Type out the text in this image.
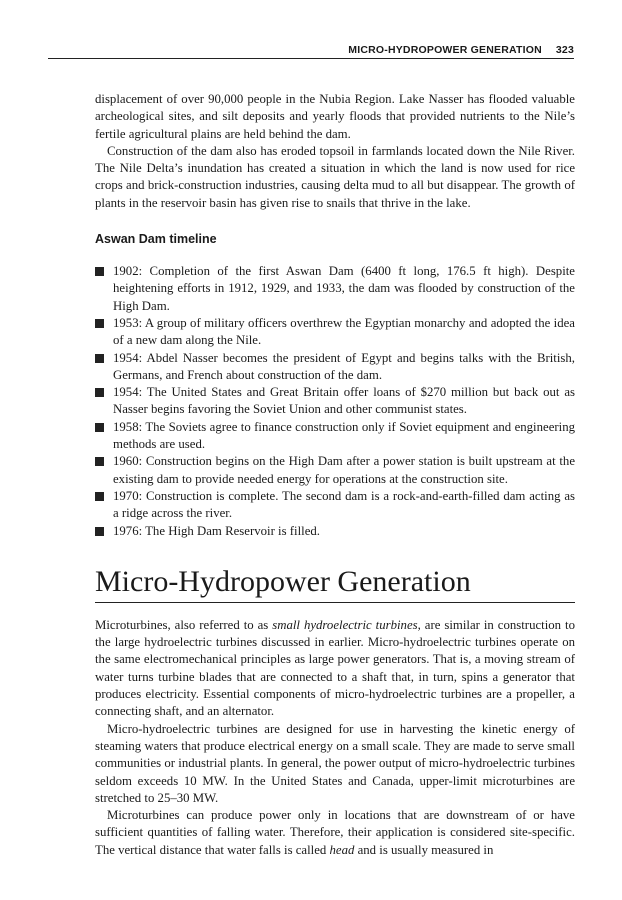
MICRO-HYDROPOWER GENERATION 323

displacement of over 90,000 people in the Nubia Region. Lake Nasser has flooded valuable archeological sites, and silt deposits and yearly floods that provided nutrients to the Nile’s fertile agricultural plains are held behind the dam.

Construction of the dam also has eroded topsoil in farmlands located down the Nile River. The Nile Delta’s inundation has created a situation in which the land is now used for rice crops and brick-construction industries, causing delta mud to all but disappear. The growth of plants in the reservoir basin has given rise to snails that thrive in the lake.

Aswan Dam timeline
1902: Completion of the first Aswan Dam (6400 ft long, 176.5 ft high). Despite heightening efforts in 1912, 1929, and 1933, the dam was flooded by construction of the High Dam.
1953: A group of military officers overthrew the Egyptian monarchy and adopted the idea of a new dam along the Nile.
1954: Abdel Nasser becomes the president of Egypt and begins talks with the British, Germans, and French about construction of the dam.
1954: The United States and Great Britain offer loans of $270 million but back out as Nasser begins favoring the Soviet Union and other communist states.
1958: The Soviets agree to finance construction only if Soviet equipment and engineering methods are used.
1960: Construction begins on the High Dam after a power station is built upstream at the existing dam to provide needed energy for operations at the construction site.
1970: Construction is complete. The second dam is a rock-and-earth-filled dam acting as a ridge across the river.
1976: The High Dam Reservoir is filled.
Micro-Hydropower Generation

Microturbines, also referred to as small hydroelectric turbines, are similar in construction to the large hydroelectric turbines discussed in earlier. Micro-hydroelectric turbines operate on the same electromechanical principles as large power generators. That is, a moving stream of water turns turbine blades that are connected to a shaft that, in turn, spins a generator that produces electricity. Essential components of micro-hydroelectric turbines are a propeller, a connecting shaft, and an alternator.

Micro-hydroelectric turbines are designed for use in harvesting the kinetic energy of steaming waters that produce electrical energy on a small scale. They are made to serve small communities or industrial plants. In general, the power output of micro-hydroelectric turbines seldom exceeds 10 MW. In the United States and Canada, upper-limit microturbines are stretched to 25–30 MW.

Microturbines can produce power only in locations that are downstream of or have sufficient quantities of falling water. Therefore, their application is considered site-specific. The vertical distance that water falls is called head and is usually measured in
